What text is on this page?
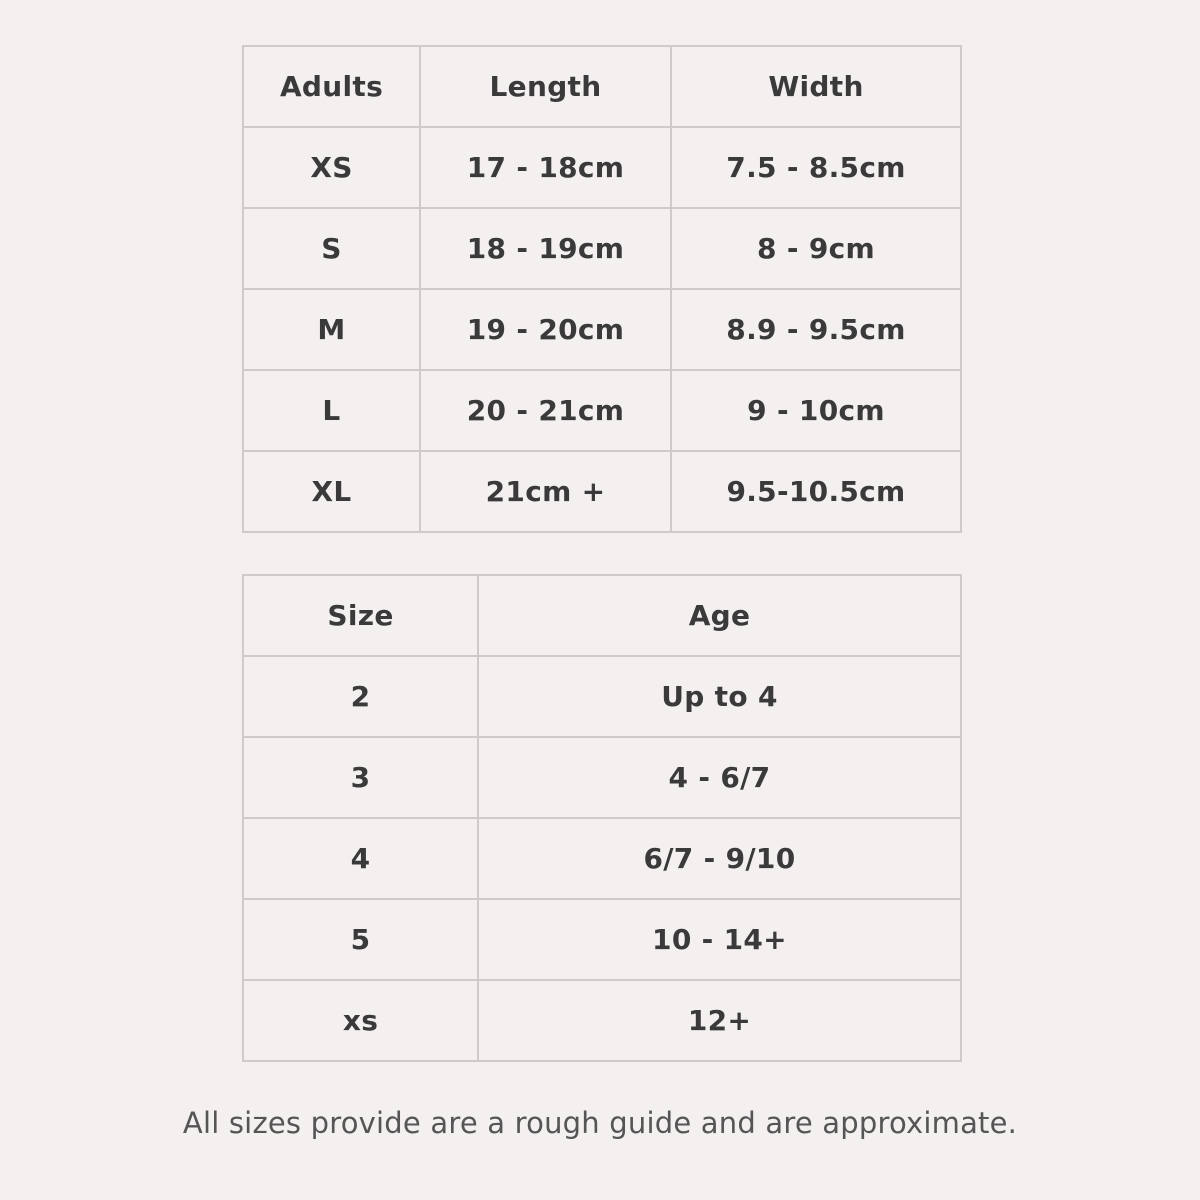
Adults	Length	Width
XS	17 - 18cm	7.5 - 8.5cm
S	18 - 19cm	8 - 9cm
M	19 - 20cm	8.9 - 9.5cm
L	20 - 21cm	9 - 10cm
XL	21cm +	9.5-10.5cm
Size	Age
2	Up to 4
3	4 - 6/7
4	6/7 - 9/10
5	10 - 14+
xs	12+
All sizes provide are a rough guide and are approximate.
